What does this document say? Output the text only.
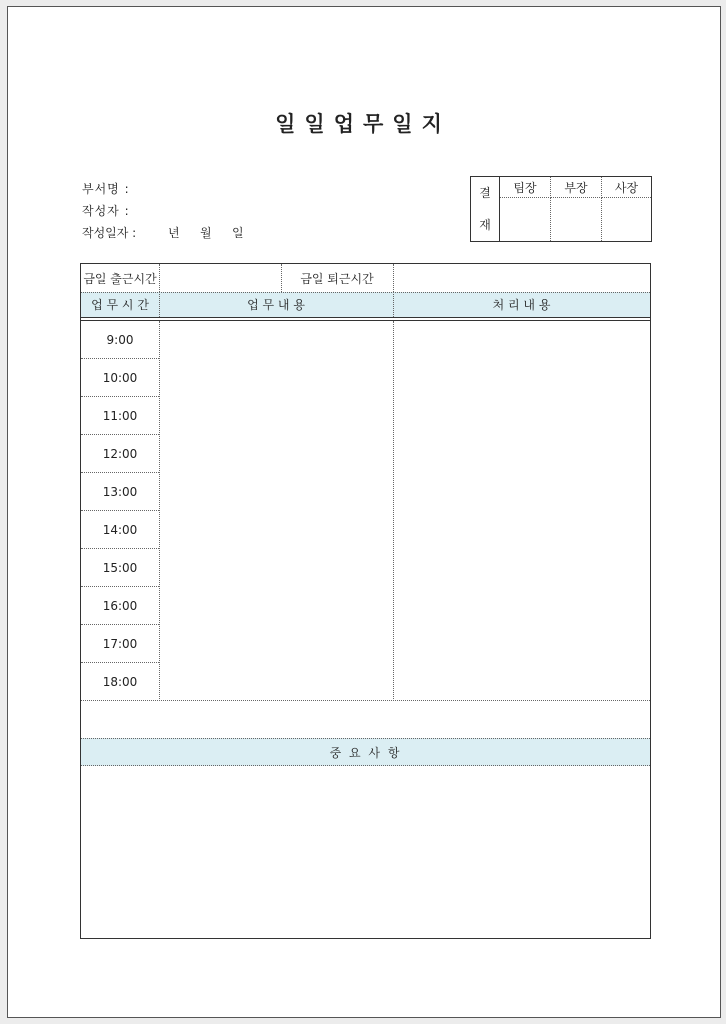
일일업무일지
부서명 :
작성자 :
작성일자 :	년 월 일
결
재	팀장	부장	사장

금일 출근시간	금일 퇴근시간
업 무 시 간	업 무 내 용	처 리 내 용
9:00
10:00
11:00
12:00
13:00
14:00
15:00
16:00
17:00
18:00
중 요 사 항
